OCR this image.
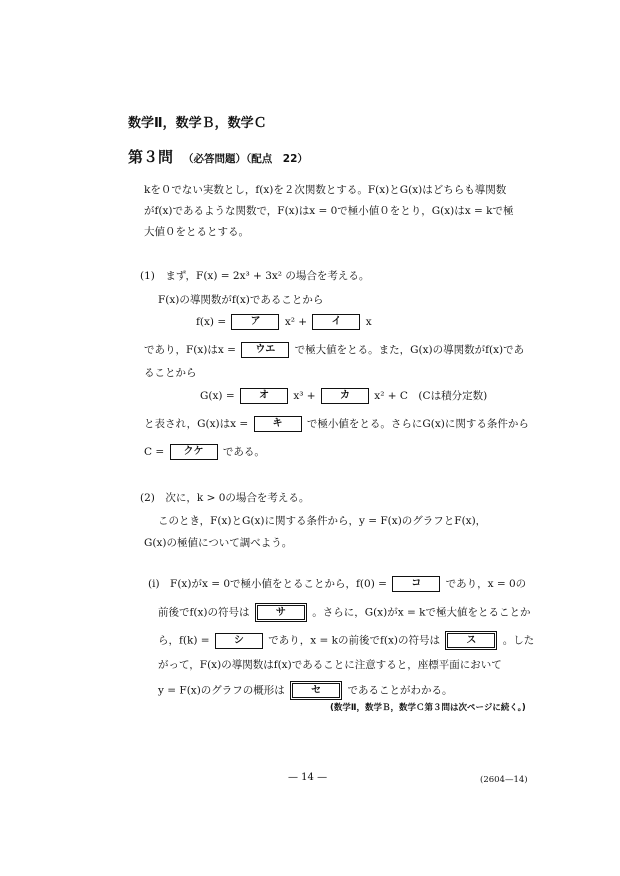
数学Ⅱ，数学Ｂ，数学Ｃ
第３問 （必答問題）（配点　22）
kを０でない実数とし，f(x)を２次関数とする。F(x)とG(x)はどちらも導関数
がf(x)であるような関数で，F(x)はx = 0で極小値０をとり，G(x)はx = kで極
大値０をとるとする。
(1)　まず，F(x) = 2x³ + 3x² の場合を考える。
F(x)の導関数がf(x)であることから
f(x) = ア x² + イ x
であり，F(x)はx = ウエ で極大値をとる。また，G(x)の導関数がf(x)であ
ることから
G(x) = オ x³ + カ x² + C　(Cは積分定数)
と表され，G(x)はx = キ で極小値をとる。さらにG(x)に関する条件から
C = クケ である。
(2)　次に，k > 0の場合を考える。
このとき，F(x)とG(x)に関する条件から，y = F(x)のグラフとF(x)，
G(x)の極値について調べよう。
(i)　F(x)がx = 0で極小値をとることから，f(0) = コ であり，x = 0の
前後でf(x)の符号は	サ	。さらに，G(x)がx = kで極大値をとることか
ら，f(k) = シ であり，x = kの前後でf(x)の符号は	ス	。した
がって，F(x)の導関数はf(x)であることに注意すると，座標平面において
y = F(x)のグラフの概形は	セ	であることがわかる。
(数学Ⅱ，数学Ｂ，数学Ｃ第３問は次ページに続く。)
— 14 —	(2604—14)
